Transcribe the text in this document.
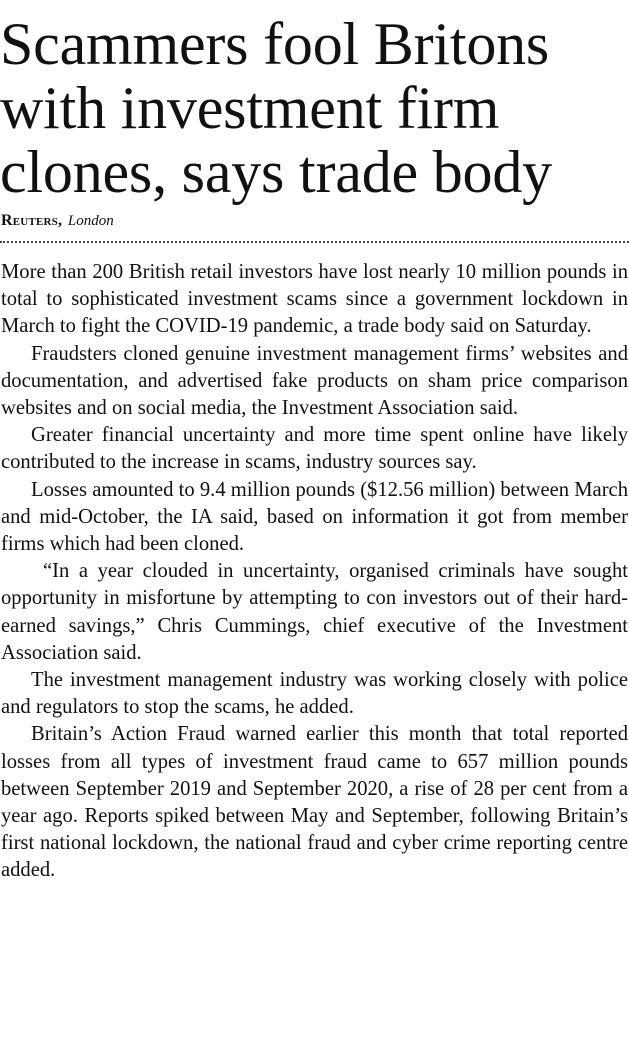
Scammers fool Britons
with investment firm
clones, says trade body
Reuters, London

More than 200 British retail investors have lost nearly 10 million pounds in total to sophisticated investment scams since a government lockdown in March to fight the COVID-19 pandemic, a trade body said on Saturday.

Fraudsters cloned genuine investment management firms’ websites and documentation, and advertised fake products on sham price comparison websites and on social media, the Investment Association said.

Greater financial uncertainty and more time spent online have likely contributed to the increase in scams, industry sources say.

Losses amounted to 9.4 million pounds ($12.56 million) between March and mid-October, the IA said, based on information it got from member firms which had been cloned.

“In a year clouded in uncertainty, organised criminals have sought opportunity in misfortune by attempting to con investors out of their hard-earned savings,” Chris Cummings, chief executive of the Investment Association said.

The investment management industry was working closely with police and regulators to stop the scams, he added.

Britain’s Action Fraud warned earlier this month that total reported losses from all types of investment fraud came to 657 million pounds between September 2019 and September 2020, a rise of 28 per cent from a year ago. Reports spiked between May and September, following Britain’s first national lockdown, the national fraud and cyber crime reporting centre added.
